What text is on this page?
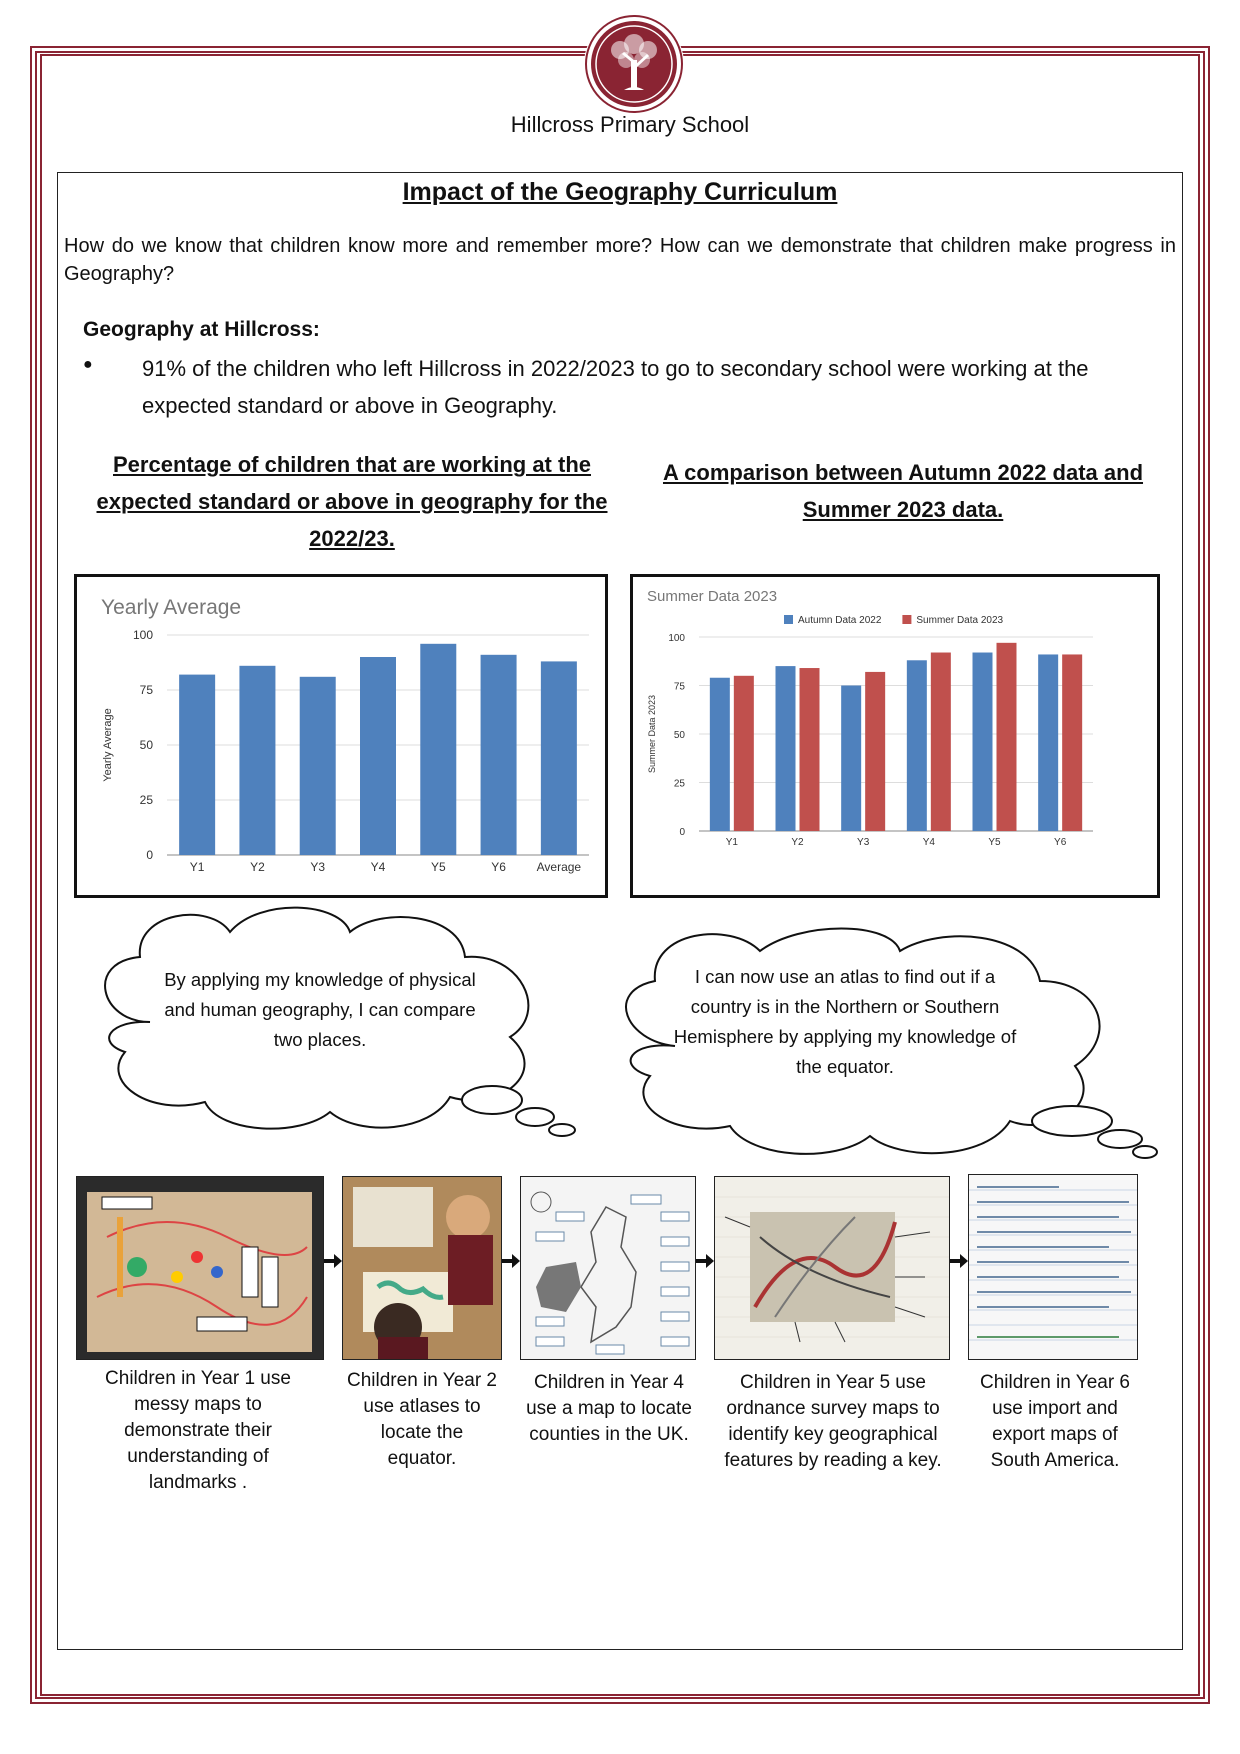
Hillcross Primary School
Impact of the Geography Curriculum
How do we know that children know more and remember more? How can we demonstrate that children make progress in Geography?
Geography at Hillcross:
● 91% of the children who left Hillcross in 2022/2023 to go to secondary school were working at the expected standard or above in Geography.
Percentage of children that are working at the expected standard or above in geography for the 2022/23.
A comparison between Autumn 2022 data and Summer 2023 data.
Yearly Average
0
25
50
75
100
Yearly Average
Y1	Y2	Y3	Y4	Y5	Y6	Average
Summer Data 2023
0
25
50
75
100
Summer Data 2023
Y1	Y2	Y3	Y4	Y5	Y6
Autumn Data 2022	Summer Data 2023
By applying my knowledge of physical and human geography, I can compare two places.
I can now use an atlas to find out if a country is in the Northern or Southern Hemisphere by applying my knowledge of the equator.
Children in Year 1 use messy maps to demonstrate their understanding of landmarks .
Children in Year 2 use atlases to locate the equator.
Children in Year 4 use a map to locate counties in the UK.
Children in Year 5 use ordnance survey maps to identify key geographical features by reading a key.
Children in Year 6 use import and export maps of South America.
